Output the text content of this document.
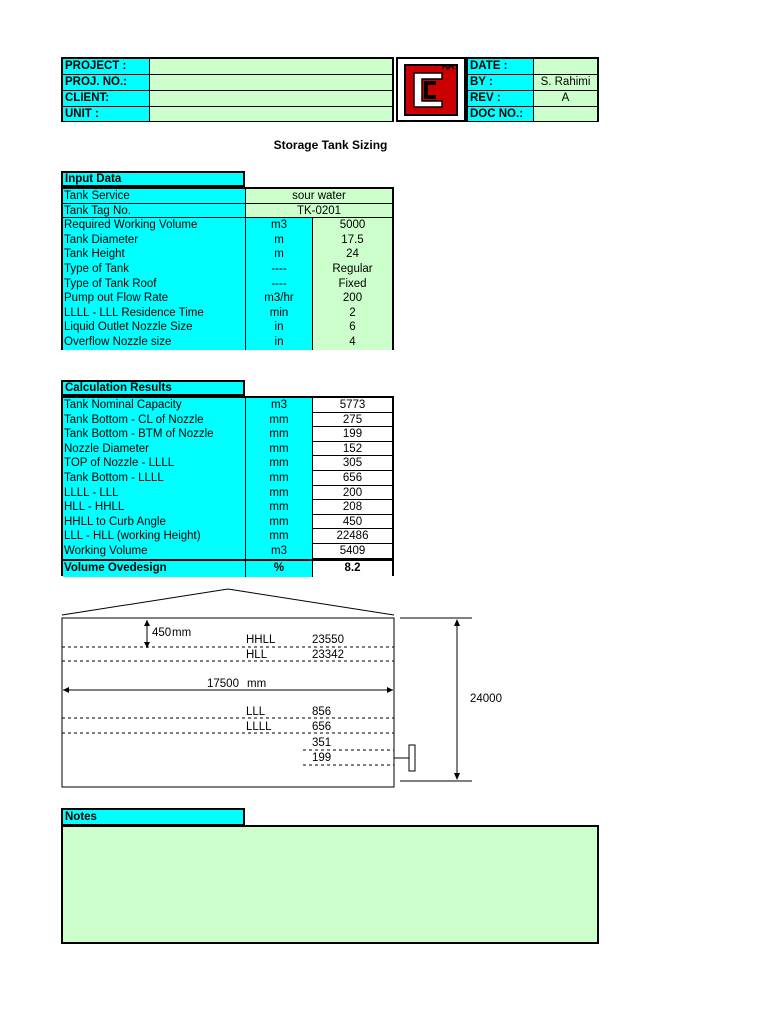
PROJECT :
PROJ. NO.:
CLIENT:
UNIT :
DATE :
BY :	S. Rahimi
REV :	A
DOC NO.:
Storage Tank Sizing
Input Data
Tank Service	sour water
Tank Tag No.	TK-0201
Required Working Volume	m3	5000
Tank Diameter	m	17.5
Tank Height	m	24
Type of Tank	----	Regular
Type of Tank Roof	----	Fixed
Pump out Flow Rate	m3/hr	200
LLLL - LLL Residence Time	min	2
Liquid Outlet Nozzle Size	in	6
Overflow Nozzle size	in	4
Calculation Results
Tank Nominal Capacity	m3	5773
Tank Bottom - CL of Nozzle	mm	275
Tank Bottom - BTM of Nozzle	mm	199
Nozzle Diameter	mm	152
TOP of Nozzle - LLLL	mm	305
Tank Bottom - LLLL	mm	656
LLLL - LLL	mm	200
HLL - HHLL	mm	208
HHLL to Curb Angle	mm	450
LLL - HLL (working Height)	mm	22486
Working Volume	m3	5409
Volume Ovedesign	%	8.2
450 mm
HHLL	23550
HLL	23342
LLL	856
LLLL	656
351
199
17500 mm
24000
Notes
